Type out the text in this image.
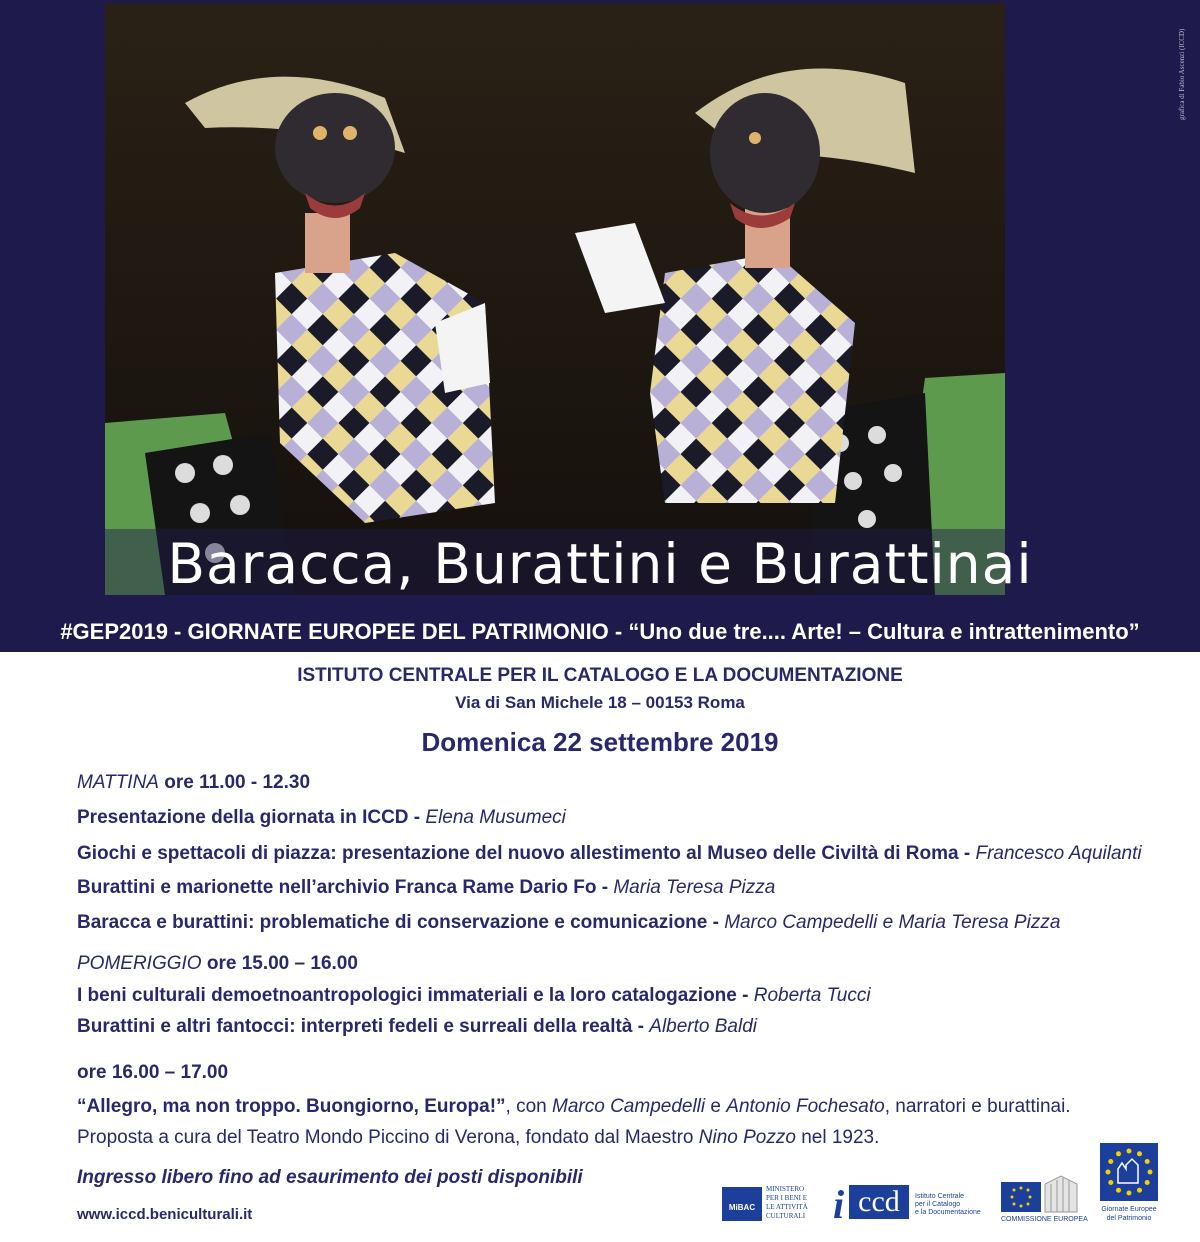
grafica di Fabio Ascenzi (ICCD)
Baracca, Burattini e Burattinai
#GEP2019 - GIORNATE EUROPEE DEL PATRIMONIO - “Uno due tre.... Arte! – Cultura e intrattenimento”
ISTITUTO CENTRALE PER IL CATALOGO E LA DOCUMENTAZIONE
Via di San Michele 18 – 00153 Roma
Domenica 22 settembre 2019
MATTINA ore 11.00 - 12.30
Presentazione della giornata in ICCD - Elena Musumeci
Giochi e spettacoli di piazza: presentazione del nuovo allestimento al Museo delle Civiltà di Roma - Francesco Aquilanti
Burattini e marionette nell’archivio Franca Rame Dario Fo - Maria Teresa Pizza
Baracca e burattini: problematiche di conservazione e comunicazione - Marco Campedelli e Maria Teresa Pizza
POMERIGGIO ore 15.00 – 16.00
I beni culturali demoetnoantropologici immateriali e la loro catalogazione - Roberta Tucci
Burattini e altri fantocci: interpreti fedeli e surreali della realtà - Alberto Baldi
ore 16.00 – 17.00
“Allegro, ma non troppo. Buongiorno, Europa!”, con Marco Campedelli e Antonio Fochesato, narratori e burattinai.
Proposta a cura del Teatro Mondo Piccino di Verona, fondato dal Maestro Nino Pozzo nel 1923.
Ingresso libero fino ad esaurimento dei posti disponibili
www.iccd.beniculturali.it	MiBAC
MINISTERO
PER I BENI E
LE ATTIVITÀ
CULTURALI i ccd	Istituto Centrale
per il Catalogo
e la Documentazione
COMMISSIONE EUROPEA
Giornate Europee
del Patrimonio
